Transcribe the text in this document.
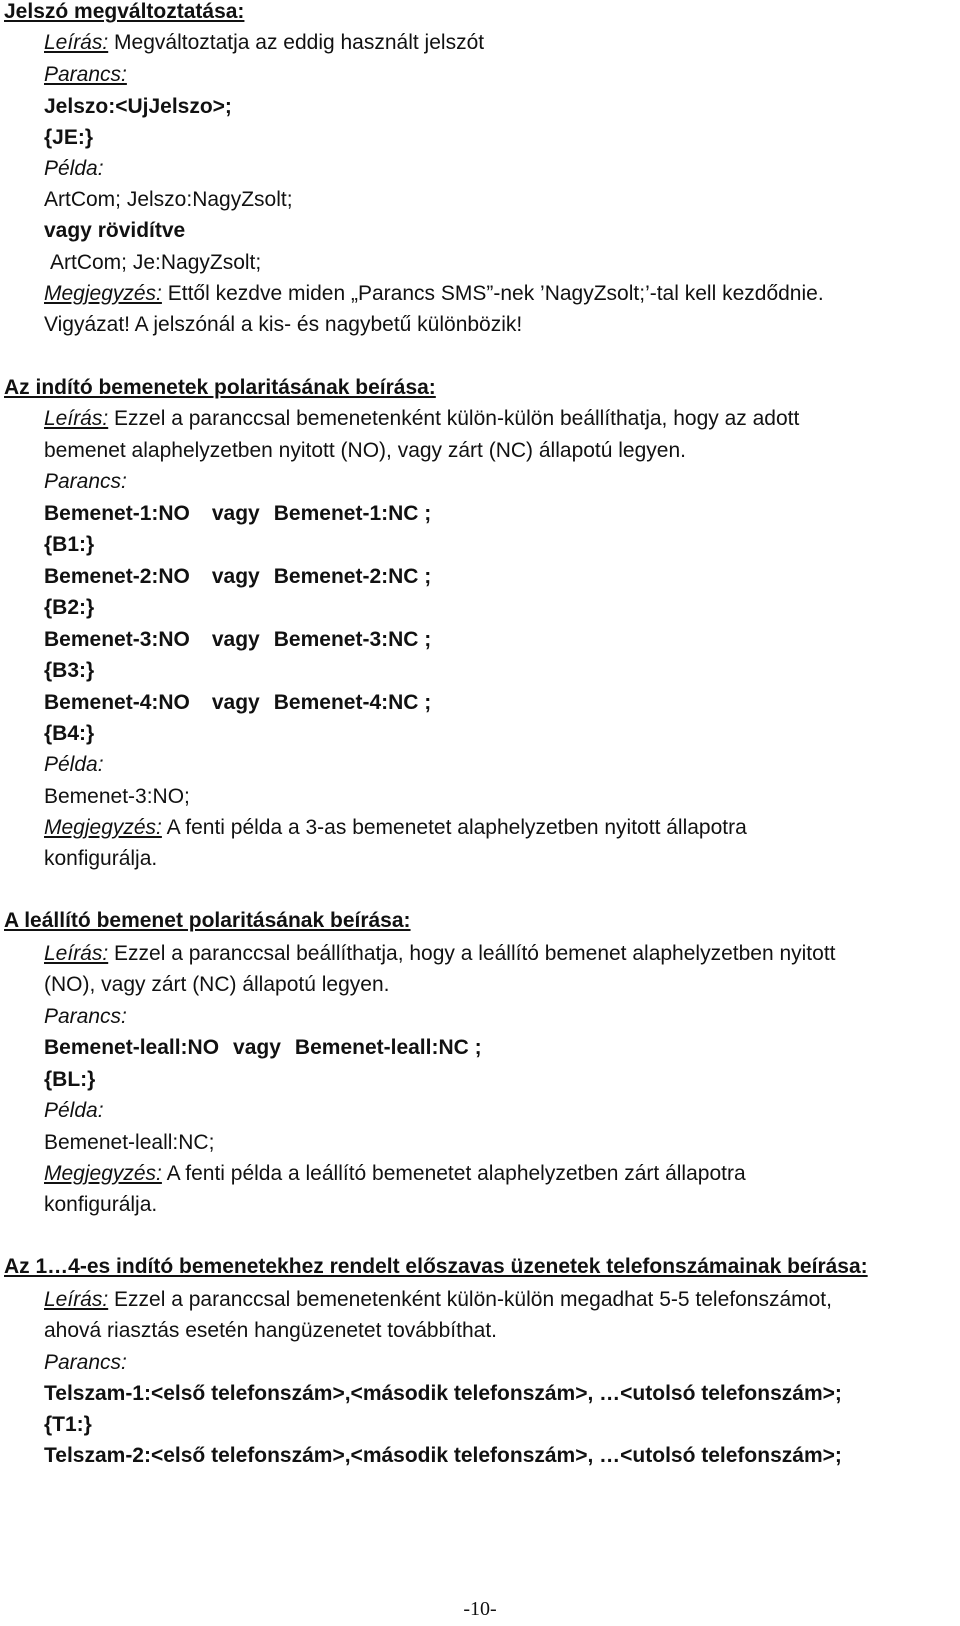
Jelszó megváltoztatása:
Leírás: Megváltoztatja az eddig használt jelszót
Parancs:
Jelszo:<UjJelszo>;
{JE:}
Példa:
ArtCom; Jelszo:NagyZsolt;
vagy rövidítve
ArtCom; Je:NagyZsolt;
Megjegyzés: Ettől kezdve miden „Parancs SMS”-nek ’NagyZsolt;’-tal kell kezdődnie.
Vigyázat! A jelszónál a kis- és nagybetű különbözik!
Az indító bemenetek polaritásának beírása:
Leírás: Ezzel a paranccsal bemenetenként külön-külön beállíthatja, hogy az adott
bemenet alaphelyzetben nyitott (NO), vagy zárt (NC) állapotú legyen.
Parancs:
Bemenet-1:NO vagy Bemenet-1:NC ;
{B1:}
Bemenet-2:NO vagy Bemenet-2:NC ;
{B2:}
Bemenet-3:NO vagy Bemenet-3:NC ;
{B3:}
Bemenet-4:NO vagy Bemenet-4:NC ;
{B4:}
Példa:
Bemenet-3:NO;
Megjegyzés: A fenti példa a 3-as bemenetet alaphelyzetben nyitott állapotra
konfigurálja.
A leállító bemenet polaritásának beírása:
Leírás: Ezzel a paranccsal beállíthatja, hogy a leállító bemenet alaphelyzetben nyitott
(NO), vagy zárt (NC) állapotú legyen.
Parancs:
Bemenet-leall:NO vagy Bemenet-leall:NC ;
{BL:}
Példa:
Bemenet-leall:NC;
Megjegyzés: A fenti példa a leállító bemenetet alaphelyzetben zárt állapotra
konfigurálja.
Az 1…4-es indító bemenetekhez rendelt előszavas üzenetek telefonszámainak beírása:
Leírás: Ezzel a paranccsal bemenetenként külön-külön megadhat 5-5 telefonszámot,
ahová riasztás esetén hangüzenetet továbbíthat.
Parancs:
Telszam-1:<első telefonszám>,<második telefonszám>, …<utolsó telefonszám>;
{T1:}
Telszam-2:<első telefonszám>,<második telefonszám>, …<utolsó telefonszám>;
-10-
